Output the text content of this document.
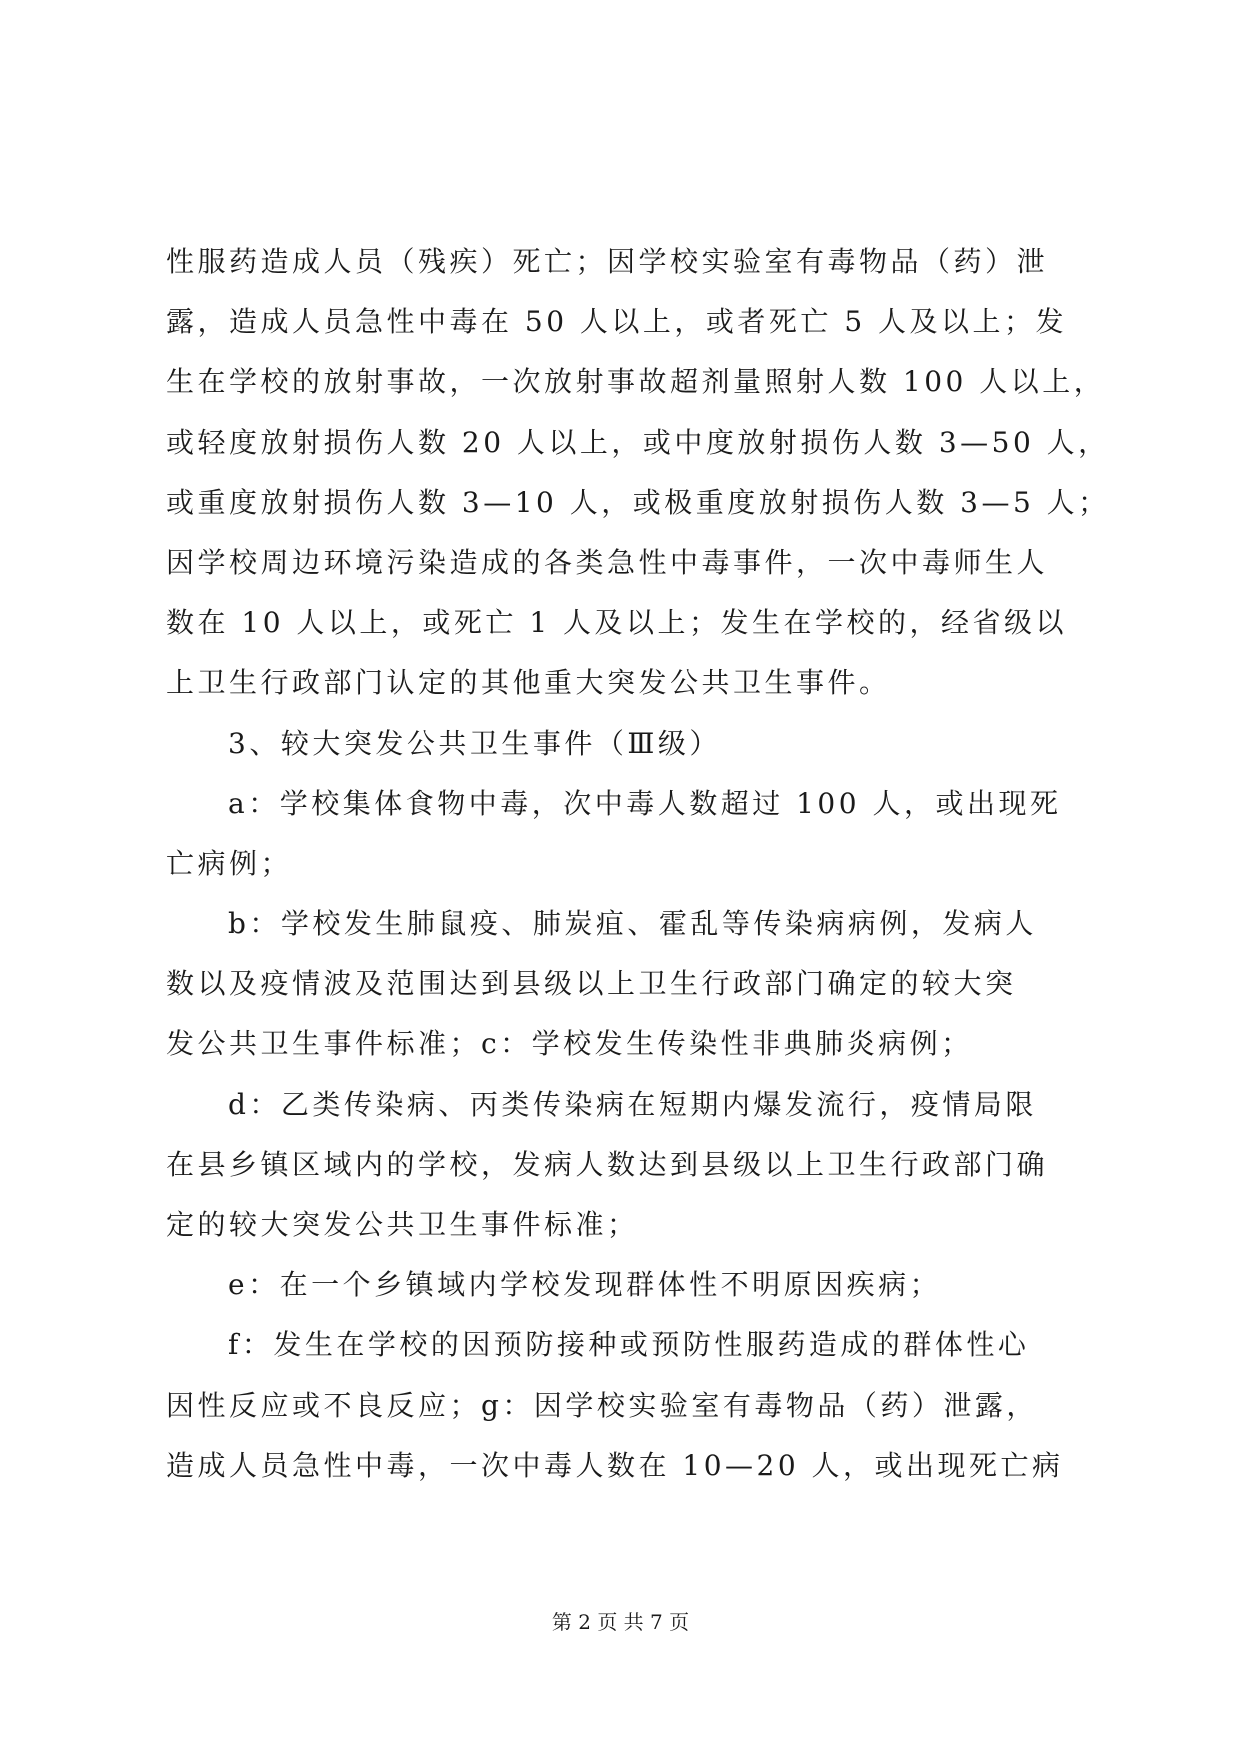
性服药造成人员（残疾）死亡；因学校实验室有毒物品（药）泄
露，造成人员急性中毒在 50 人以上，或者死亡 5 人及以上；发
生在学校的放射事故，一次放射事故超剂量照射人数 100 人以上，
或轻度放射损伤人数 20 人以上，或中度放射损伤人数 3—50 人，
或重度放射损伤人数 3—10 人，或极重度放射损伤人数 3—5 人；
因学校周边环境污染造成的各类急性中毒事件，一次中毒师生人
数在 10 人以上，或死亡 1 人及以上；发生在学校的，经省级以
上卫生行政部门认定的其他重大突发公共卫生事件。
3、较大突发公共卫生事件（Ⅲ级）
a：学校集体食物中毒，次中毒人数超过 100 人，或出现死
亡病例；
b：学校发生肺鼠疫、肺炭疽、霍乱等传染病病例，发病人
数以及疫情波及范围达到县级以上卫生行政部门确定的较大突
发公共卫生事件标准；c：学校发生传染性非典肺炎病例；
d：乙类传染病、丙类传染病在短期内爆发流行，疫情局限
在县乡镇区域内的学校，发病人数达到县级以上卫生行政部门确
定的较大突发公共卫生事件标准；
e：在一个乡镇域内学校发现群体性不明原因疾病；
f：发生在学校的因预防接种或预防性服药造成的群体性心
因性反应或不良反应；g：因学校实验室有毒物品（药）泄露，
造成人员急性中毒，一次中毒人数在 10—20 人，或出现死亡病
第 2 页 共 7 页
